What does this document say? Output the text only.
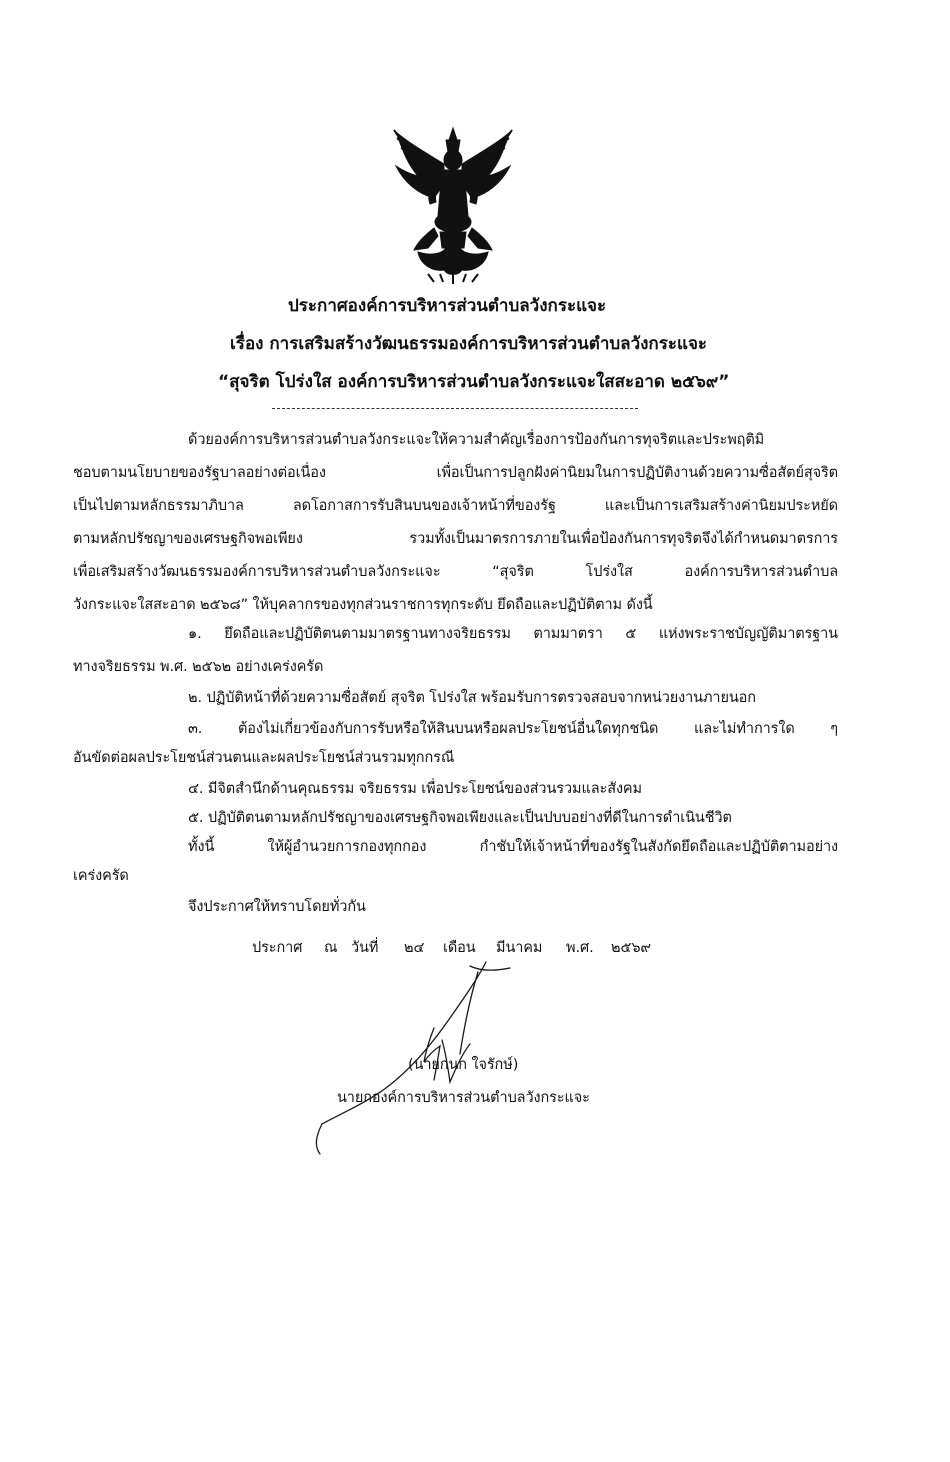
ประกาศองค์การบริหารส่วนตำบลวังกระแจะ
เรื่อง การเสริมสร้างวัฒนธรรมองค์การบริหารส่วนตำบลวังกระแจะ
“สุจริต โปร่งใส องค์การบริหารส่วนตำบลวังกระแจะใสสะอาด ๒๕๖๙”
ด้วยองค์การบริหารส่วนตำบลวังกระแจะให้ความสำคัญเรื่องการป้องกันการทุจริตและประพฤติมิ
ชอบตามนโยบายของรัฐบาลอย่างต่อเนื่อง เพื่อเป็นการปลูกฝังค่านิยมในการปฏิบัติงานด้วยความซื่อสัตย์สุจริต
เป็นไปตามหลักธรรมาภิบาล ลดโอกาสการรับสินบนของเจ้าหน้าที่ของรัฐ และเป็นการเสริมสร้างค่านิยมประหยัด
ตามหลักปรัชญาของเศรษฐกิจพอเพียง รวมทั้งเป็นมาตรการภายในเพื่อป้องกันการทุจริตจึงได้กำหนดมาตรการ
เพื่อเสริมสร้างวัฒนธรรมองค์การบริหารส่วนตำบลวังกระแจะ “สุจริต โปร่งใส องค์การบริหารส่วนตำบล
วังกระแจะใสสะอาด ๒๕๖๘” ให้บุคลากรของทุกส่วนราชการทุกระดับ ยึดถือและปฏิบัติตาม ดังนี้
๑. ยึดถือและปฏิบัติตนตามมาตรฐานทางจริยธรรม ตามมาตรา ๕ แห่งพระราชบัญญัติมาตรฐาน
ทางจริยธรรม พ.ศ. ๒๕๖๒ อย่างเคร่งครัด
๒. ปฏิบัติหน้าที่ด้วยความซื่อสัตย์ สุจริต โปร่งใส พร้อมรับการตรวจสอบจากหน่วยงานภายนอก
๓. ต้องไม่เกี่ยวข้องกับการรับหรือให้สินบนหรือผลประโยชน์อื่นใดทุกชนิด และไม่ทำการใด ๆ
อันขัดต่อผลประโยชน์ส่วนตนและผลประโยชน์ส่วนรวมทุกกรณี
๔. มีจิตสำนึกด้านคุณธรรม จริยธรรม เพื่อประโยชน์ของส่วนรวมและสังคม
๕. ปฏิบัติตนตามหลักปรัชญาของเศรษฐกิจพอเพียงและเป็นปบบอย่างที่ดีในการดำเนินชีวิต
ทั้งนี้ ให้ผู้อำนวยการกองทุกกอง กำชับให้เจ้าหน้าที่ของรัฐในสังกัดยึดถือและปฏิบัติตามอย่าง
เคร่งครัด
จึงประกาศให้ทราบโดยทั่วกัน
ประกาศ ณ วันที่ ๒๔ เดือน มีนาคม พ.ศ. ๒๕๖๙
(นายกนก ใจรักษ์)
นายกองค์การบริหารส่วนตำบลวังกระแจะ
